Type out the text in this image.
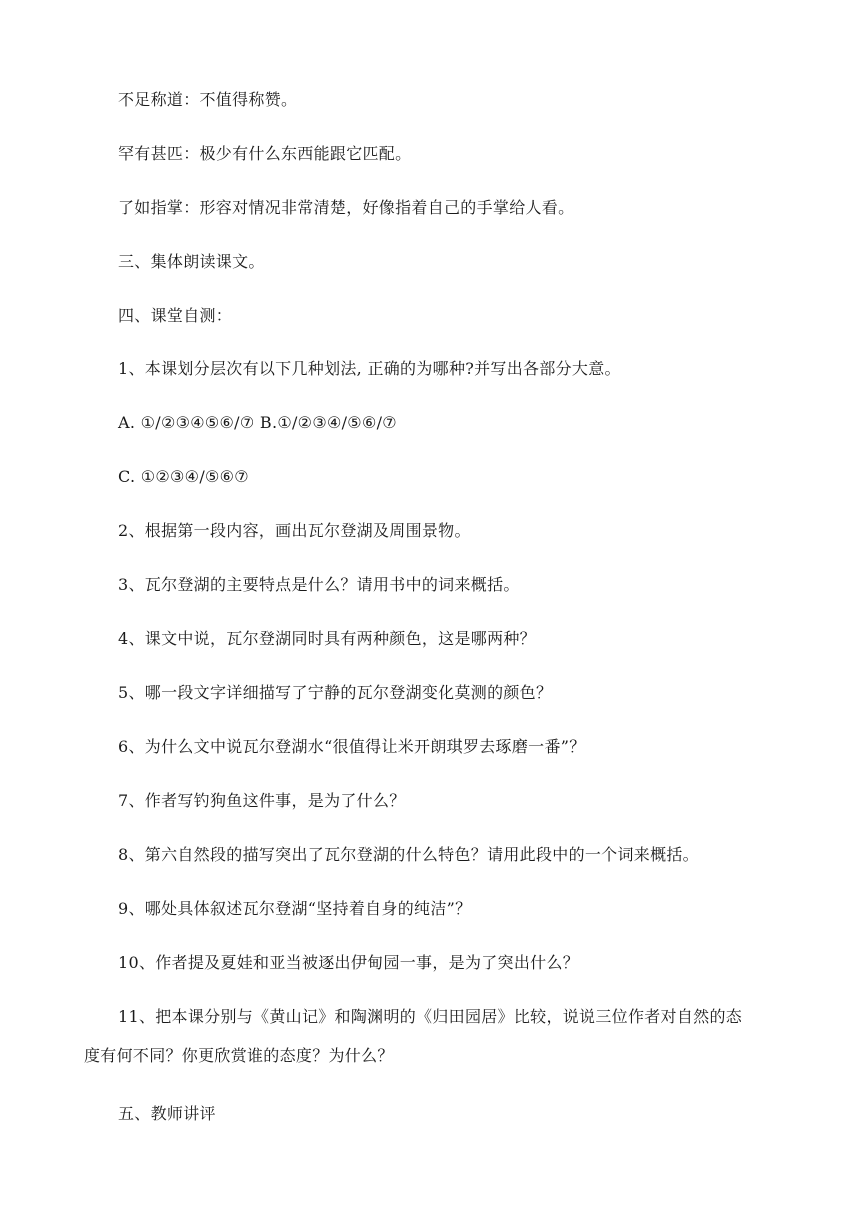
不足称道：不值得称赞。
罕有甚匹：极少有什么东西能跟它匹配。
了如指掌：形容对情况非常清楚，好像指着自己的手掌给人看。
三、集体朗读课文。
四、课堂自测：
1、本课划分层次有以下几种划法, 正确的为哪种?并写出各部分大意。
A. ①/②③④⑤⑥/⑦ B.①/②③④/⑤⑥/⑦
C. ①②③④/⑤⑥⑦
2、根据第一段内容，画出瓦尔登湖及周围景物。
3、瓦尔登湖的主要特点是什么？请用书中的词来概括。
4、课文中说，瓦尔登湖同时具有两种颜色，这是哪两种？
5、哪一段文字详细描写了宁静的瓦尔登湖变化莫测的颜色？
6、为什么文中说瓦尔登湖水“很值得让米开朗琪罗去琢磨一番”？
7、作者写钓狗鱼这件事，是为了什么？
8、第六自然段的描写突出了瓦尔登湖的什么特色？请用此段中的一个词来概括。
9、哪处具体叙述瓦尔登湖“坚持着自身的纯洁”？
10、作者提及夏娃和亚当被逐出伊甸园一事，是为了突出什么？
11、把本课分别与《黄山记》和陶渊明的《归田园居》比较，说说三位作者对自然的态
度有何不同？你更欣赏谁的态度？为什么？
五、教师讲评
